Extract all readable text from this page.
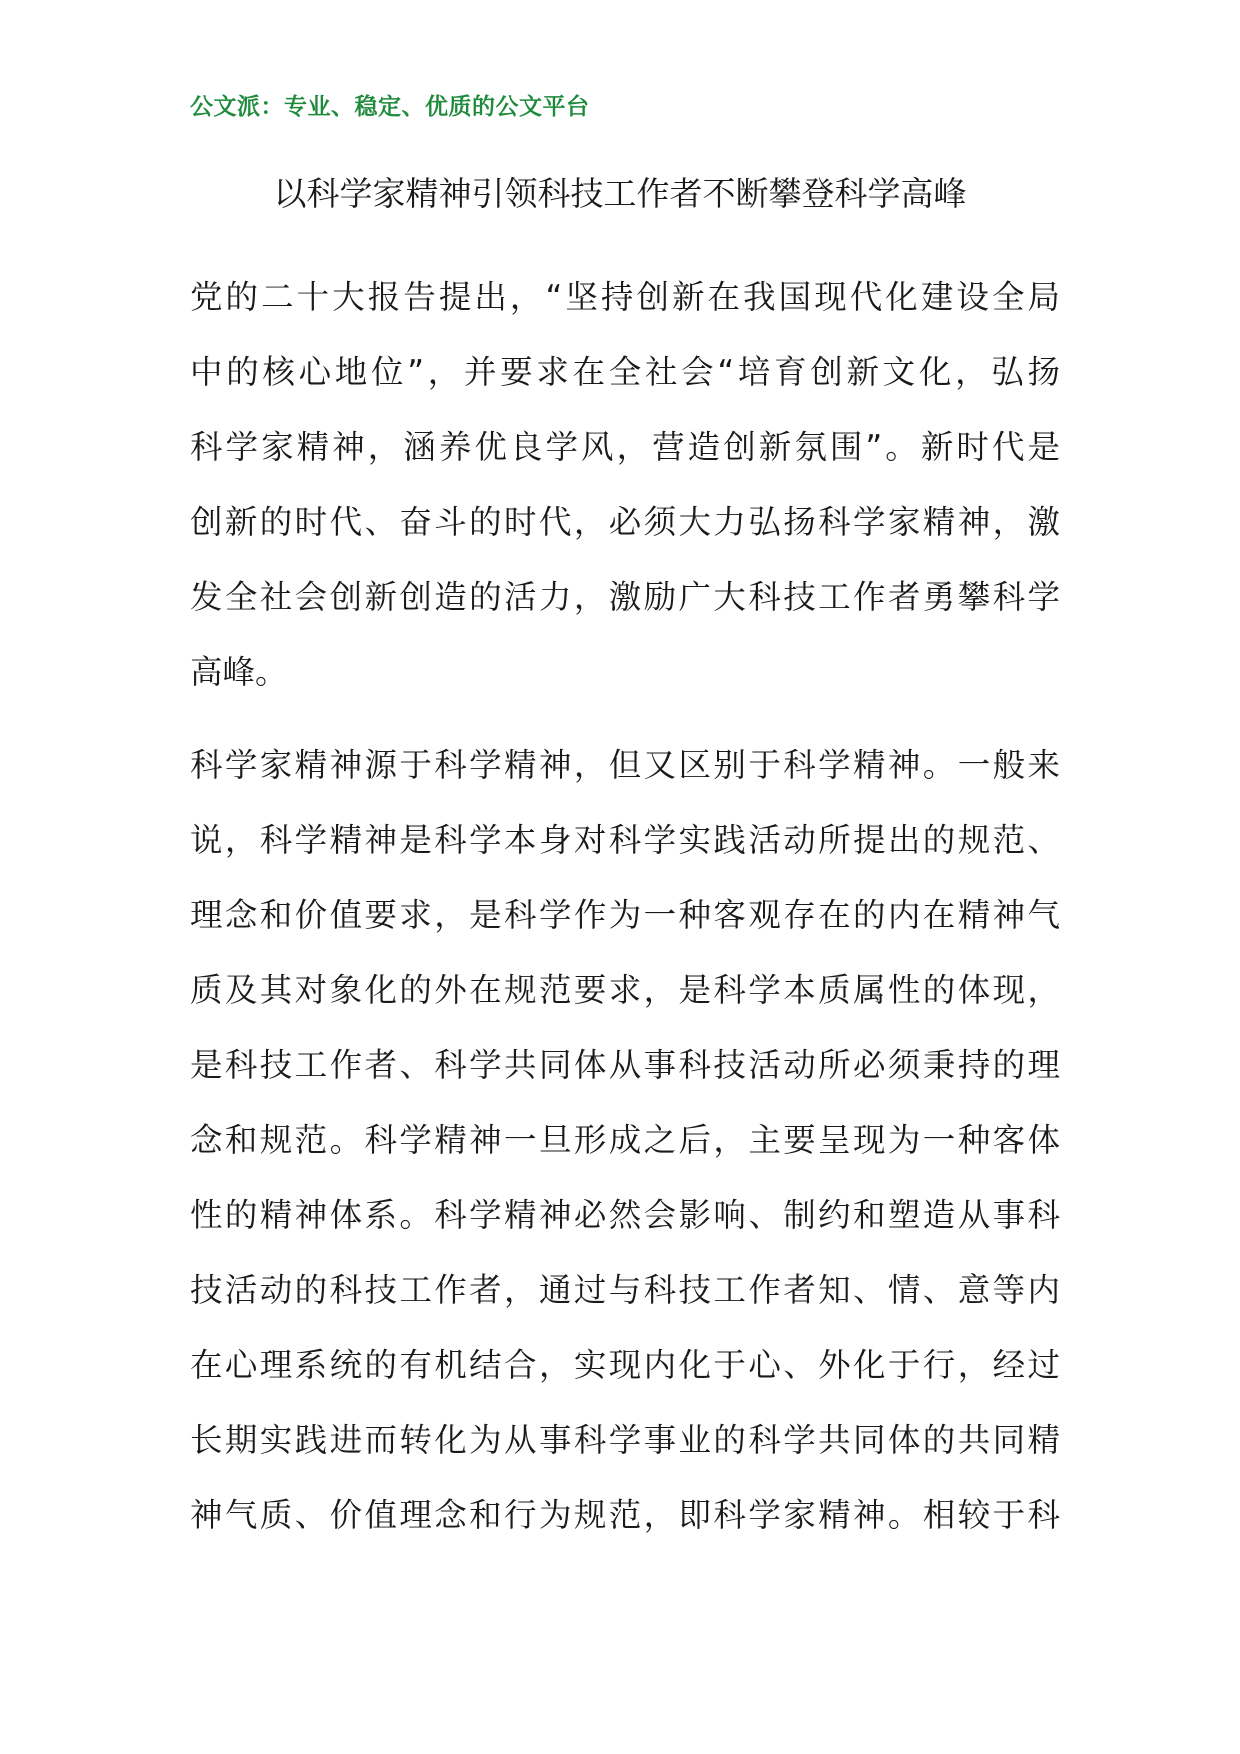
公文派：专业、稳定、优质的公文平台
以科学家精神引领科技工作者不断攀登科学高峰
党的二十大报告提出，“坚持创新在我国现代化建设全局
中的核心地位”，并要求在全社会“培育创新文化，弘扬
科学家精神，涵养优良学风，营造创新氛围”。新时代是
创新的时代、奋斗的时代，必须大力弘扬科学家精神，激
发全社会创新创造的活力，激励广大科技工作者勇攀科学
高峰。
科学家精神源于科学精神，但又区别于科学精神。一般来
说，科学精神是科学本身对科学实践活动所提出的规范、
理念和价值要求，是科学作为一种客观存在的内在精神气
质及其对象化的外在规范要求，是科学本质属性的体现，
是科技工作者、科学共同体从事科技活动所必须秉持的理
念和规范。科学精神一旦形成之后，主要呈现为一种客体
性的精神体系。科学精神必然会影响、制约和塑造从事科
技活动的科技工作者，通过与科技工作者知、情、意等内
在心理系统的有机结合，实现内化于心、外化于行，经过
长期实践进而转化为从事科学事业的科学共同体的共同精
神气质、价值理念和行为规范，即科学家精神。相较于科
